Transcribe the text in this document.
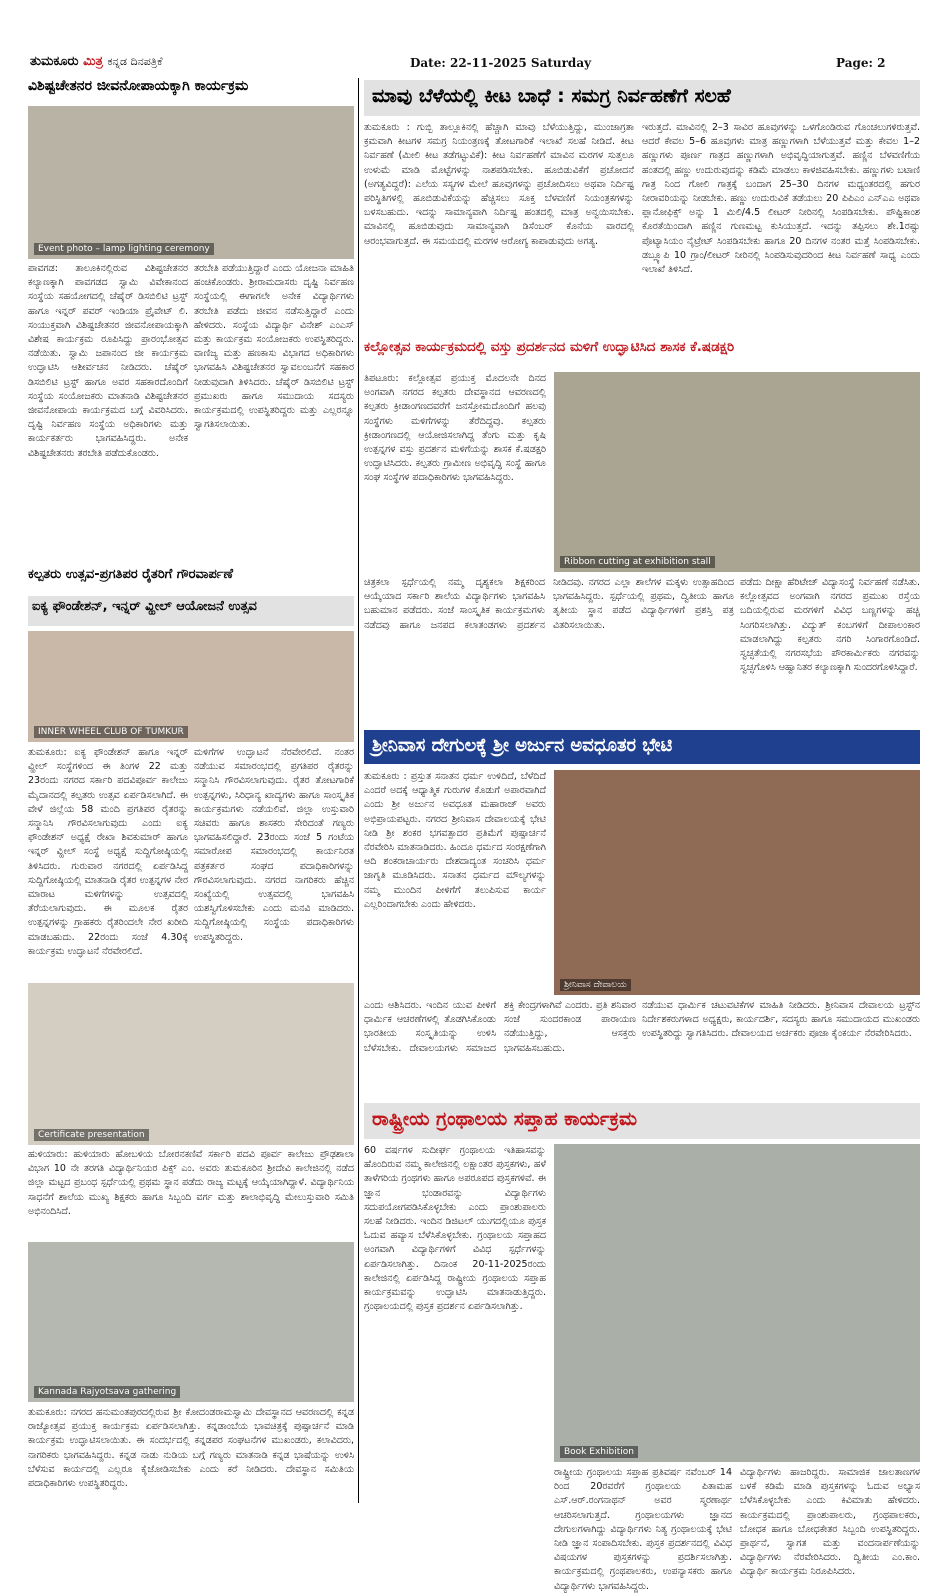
ತುಮಕೂರು ಮಿತ್ರ ಕನ್ನಡ ದಿನಪತ್ರಿಕೆ	Date: 22-11-2025 Saturday	Page: 2
ವಿಶಿಷ್ಟಚೇತನರ ಜೀವನೋಪಾಯಕ್ಕಾಗಿ ಕಾರ್ಯಕ್ರಮ
Event photo – lamp lighting ceremony
ಪಾವಗಡ: ತಾಲೂಕಿನಲ್ಲಿರುವ ವಿಶಿಷ್ಟಚೇತನರ ಕಲ್ಯಾಣಕ್ಕಾಗಿ ಪಾವಗಡದ ಸ್ವಾಮಿ ವಿವೇಕಾನಂದ ಸಂಸ್ಥೆಯ ಸಹಯೋಗದಲ್ಲಿ ಚೆಷೈರ್ ಡಿಸಬಿಲಿಟಿ ಟ್ರಸ್ಟ್ ಹಾಗೂ ಇನ್ನರ್ ಪವರ್ ಇಂಡಿಯಾ ಪ್ರೈವೇಟ್ ಲಿ. ಸಂಯುಕ್ತವಾಗಿ ವಿಶಿಷ್ಟಚೇತನರ ಜೀವನೋಪಾಯಕ್ಕಾಗಿ ವಿಶೇಷ ಕಾರ್ಯಕ್ರಮ ರೂಪಿಸಿದ್ದು ಪ್ರಾರಂಭೋತ್ಸವ ನಡೆಯಿತು. ಸ್ವಾಮಿ ಜಪಾನಂದ ಜೀ ಕಾರ್ಯಕ್ರಮ ಉದ್ಘಾಟಿಸಿ ಆಶೀರ್ವಚನ ನೀಡಿದರು. ಚೆಷೈರ್ ಡಿಸಬಿಲಿಟಿ ಟ್ರಸ್ಟ್ ಹಾಗೂ ಅವರ ಸಹಕಾರದೊಂದಿಗೆ ಸಂಸ್ಥೆಯ ಸಂಯೋಜಕರು ಮಾತನಾಡಿ ವಿಶಿಷ್ಟಚೇತನರ ಜೀವನೋಪಾಯ ಕಾರ್ಯಕ್ರಮದ ಬಗ್ಗೆ ವಿವರಿಸಿದರು. ದೃಷ್ಟಿ ನಿರ್ವಹಣ ಸಂಸ್ಥೆಯ ಅಧಿಕಾರಿಗಳು ಮತ್ತು ಕಾರ್ಯಕರ್ತರು ಭಾಗವಹಿಸಿದ್ದರು. ಅನೇಕ ವಿಶಿಷ್ಟಚೇತನರು ತರಬೇತಿ ಪಡೆದುಕೊಂಡರು.
ತರಬೇತಿ ಪಡೆಯುತ್ತಿದ್ದಾರೆ ಎಂದು ಯೋಜನಾ ಮಾಹಿತಿ ಹಂಚಿಕೊಂಡರು. ಶ್ರೀರಾಮದಾಸರು ದೃಷ್ಟಿ ನಿರ್ವಹಣ ಸಂಸ್ಥೆಯಲ್ಲಿ ಈಗಾಗಲೇ ಅನೇಕ ವಿದ್ಯಾರ್ಥಿಗಳು ತರಬೇತಿ ಪಡೆದು ಜೀವನ ನಡೆಸುತ್ತಿದ್ದಾರೆ ಎಂದು ಹೇಳಿದರು. ಸಂಸ್ಥೆಯ ವಿದ್ಯಾರ್ಥಿ ವಿನೇಶ್ ಎಂಎಸ್ ಮತ್ತು ಕಾರ್ಯಕ್ರಮ ಸಂಯೋಜಕರು ಉಪಸ್ಥಿತರಿದ್ದರು. ವಾಣಿಜ್ಯ ಮತ್ತು ಹಣಕಾಸು ವಿಭಾಗದ ಅಧಿಕಾರಿಗಳು ಭಾಗವಹಿಸಿ ವಿಶಿಷ್ಟಚೇತನರ ಸ್ವಾವಲಂಬನೆಗೆ ಸಹಕಾರ ನೀಡುವುದಾಗಿ ತಿಳಿಸಿದರು. ಚೆಷೈರ್ ಡಿಸಬಿಲಿಟಿ ಟ್ರಸ್ಟ್ ಪ್ರಮುಖರು ಹಾಗೂ ಸಮುದಾಯ ಸದಸ್ಯರು ಕಾರ್ಯಕ್ರಮದಲ್ಲಿ ಉಪಸ್ಥಿತರಿದ್ದರು ಮತ್ತು ಎಲ್ಲರನ್ನೂ ಸ್ವಾಗತಿಸಲಾಯಿತು.
ಕಲ್ಪತರು ಉತ್ಸವ-ಪ್ರಗತಿಪರ ರೈತರಿಗೆ ಗೌರವಾರ್ಪಣೆ
ಐಕ್ಯ ಫೌಂಡೇಶನ್, ಇನ್ನರ್ ವ್ಹೀಲ್ ಆಯೋಜನೆ ಉತ್ಸವ
INNER WHEEL CLUB OF TUMKUR
ತುಮಕೂರು: ಐಕ್ಯ ಫೌಂಡೇಶನ್ ಹಾಗೂ ಇನ್ನರ್ ವ್ಹೀಲ್ ಸಂಸ್ಥೆಗಳಿಂದ ಈ ತಿಂಗಳ 22 ಮತ್ತು 23ರಂದು ನಗರದ ಸರ್ಕಾರಿ ಪದವಿಪೂರ್ವ ಕಾಲೇಜು ಮೈದಾನದಲ್ಲಿ ಕಲ್ಪತರು ಉತ್ಸವ ಏರ್ಪಡಿಸಲಾಗಿದೆ. ಈ ವೇಳೆ ಜಿಲ್ಲೆಯ 58 ಮಂದಿ ಪ್ರಗತಿಪರ ರೈತರನ್ನು ಸನ್ಮಾನಿಸಿ ಗೌರವಿಸಲಾಗುವುದು ಎಂದು ಐಕ್ಯ ಫೌಂಡೇಶನ್ ಅಧ್ಯಕ್ಷೆ ರೇಖಾ ಶಿವಕುಮಾರ್ ಹಾಗೂ ಇನ್ನರ್ ವ್ಹೀಲ್ ಸಂಸ್ಥೆ ಅಧ್ಯಕ್ಷೆ ಸುದ್ದಿಗೋಷ್ಠಿಯಲ್ಲಿ ತಿಳಿಸಿದರು. ಗುರುವಾರ ನಗರದಲ್ಲಿ ಏರ್ಪಡಿಸಿದ್ದ ಸುದ್ದಿಗೋಷ್ಠಿಯಲ್ಲಿ ಮಾತನಾಡಿ ರೈತರ ಉತ್ಪನ್ನಗಳ ನೇರ ಮಾರಾಟ ಮಳಿಗೆಗಳನ್ನು ಉತ್ಸವದಲ್ಲಿ ತೆರೆಯಲಾಗುವುದು. ಈ ಮೂಲಕ ರೈತರ ಉತ್ಪನ್ನಗಳನ್ನು ಗ್ರಾಹಕರು ರೈತರಿಂದಲೇ ನೇರ ಖರೀದಿ ಮಾಡಬಹುದು. 22ರಂದು ಸಂಜೆ 4.30ಕ್ಕೆ ಕಾರ್ಯಕ್ರಮ ಉದ್ಘಾಟನೆ ನೆರವೇರಲಿದೆ.
ಮಳಿಗೆಗಳ ಉದ್ಘಾಟನೆ ನೆರವೇರಲಿದೆ. ನಂತರ ನಡೆಯುವ ಸಮಾರಂಭದಲ್ಲಿ ಪ್ರಗತಿಪರ ರೈತರನ್ನು ಸನ್ಮಾನಿಸಿ ಗೌರವಿಸಲಾಗುವುದು. ರೈತರ ತೋಟಗಾರಿಕೆ ಉತ್ಪನ್ನಗಳು, ಸಿರಿಧಾನ್ಯ ಖಾದ್ಯಗಳು ಹಾಗೂ ಸಾಂಸ್ಕೃತಿಕ ಕಾರ್ಯಕ್ರಮಗಳು ನಡೆಯಲಿವೆ. ಜಿಲ್ಲಾ ಉಸ್ತುವಾರಿ ಸಚಿವರು ಹಾಗೂ ಶಾಸಕರು ಸೇರಿದಂತೆ ಗಣ್ಯರು ಭಾಗವಹಿಸಲಿದ್ದಾರೆ. 23ರಂದು ಸಂಜೆ 5 ಗಂಟೆಯ ಸಮಾರೋಪ ಸಮಾರಂಭದಲ್ಲಿ ಕಾರ್ಯನಿರತ ಪತ್ರಕರ್ತರ ಸಂಘದ ಪದಾಧಿಕಾರಿಗಳನ್ನು ಗೌರವಿಸಲಾಗುವುದು. ನಗರದ ನಾಗರಿಕರು ಹೆಚ್ಚಿನ ಸಂಖ್ಯೆಯಲ್ಲಿ ಉತ್ಸವದಲ್ಲಿ ಭಾಗವಹಿಸಿ ಯಶಸ್ವಿಗೊಳಿಸಬೇಕು ಎಂದು ಮನವಿ ಮಾಡಿದರು. ಸುದ್ದಿಗೋಷ್ಠಿಯಲ್ಲಿ ಸಂಸ್ಥೆಯ ಪದಾಧಿಕಾರಿಗಳು ಉಪಸ್ಥಿತರಿದ್ದರು.
Certificate presentation
ಹುಳಿಯಾರು: ಹುಳಿಯಾರು ಹೋಬಳಿಯ ಬೋರನಕಣಿವೆ ಸರ್ಕಾರಿ ಪದವಿ ಪೂರ್ವ ಕಾಲೇಜು ಪ್ರೌಢಶಾಲಾ ವಿಭಾಗ 10 ನೇ ತರಗತಿ ವಿದ್ಯಾರ್ಥಿನಿಯರ ಪಿಕ್ಸ್ ಎಂ. ಅವರು ತುಮಕೂರಿನ ಶ್ರೀದೇವಿ ಕಾಲೇಜಿನಲ್ಲಿ ನಡೆದ ಜಿಲ್ಲಾ ಮಟ್ಟದ ಪ್ರಬಂಧ ಸ್ಪರ್ಧೆಯಲ್ಲಿ ಪ್ರಥಮ ಸ್ಥಾನ ಪಡೆದು ರಾಜ್ಯ ಮಟ್ಟಕ್ಕೆ ಆಯ್ಕೆಯಾಗಿದ್ದಾಳೆ. ವಿದ್ಯಾರ್ಥಿನಿಯ ಸಾಧನೆಗೆ ಶಾಲೆಯ ಮುಖ್ಯ ಶಿಕ್ಷಕರು ಹಾಗೂ ಸಿಬ್ಬಂದಿ ವರ್ಗ ಮತ್ತು ಶಾಲಾಭಿವೃದ್ಧಿ ಮೇಲುಸ್ತುವಾರಿ ಸಮಿತಿ ಅಭಿನಂದಿಸಿದೆ.
Kannada Rajyotsava gathering
ತುಮಕೂರು: ನಗರದ ಹನುಮಂತಪುರದಲ್ಲಿರುವ ಶ್ರೀ ಕೋದಂಡರಾಮಸ್ವಾಮಿ ದೇವಸ್ಥಾನದ ಆವರಣದಲ್ಲಿ ಕನ್ನಡ ರಾಜ್ಯೋತ್ಸವ ಪ್ರಯುಕ್ತ ಕಾರ್ಯಕ್ರಮ ಏರ್ಪಡಿಸಲಾಗಿತ್ತು. ಕನ್ನಡಾಂಬೆಯ ಭಾವಚಿತ್ರಕ್ಕೆ ಪುಷ್ಪಾರ್ಚನೆ ಮಾಡಿ ಕಾರ್ಯಕ್ರಮ ಉದ್ಘಾಟಿಸಲಾಯಿತು. ಈ ಸಂದರ್ಭದಲ್ಲಿ ಕನ್ನಡಪರ ಸಂಘಟನೆಗಳ ಮುಖಂಡರು, ಕಲಾವಿದರು, ನಾಗರಿಕರು ಭಾಗವಹಿಸಿದ್ದರು. ಕನ್ನಡ ನಾಡು ನುಡಿಯ ಬಗ್ಗೆ ಗಣ್ಯರು ಮಾತನಾಡಿ ಕನ್ನಡ ಭಾಷೆಯನ್ನು ಉಳಿಸಿ ಬೆಳೆಸುವ ಕಾರ್ಯದಲ್ಲಿ ಎಲ್ಲರೂ ಕೈಜೋಡಿಸಬೇಕು ಎಂದು ಕರೆ ನೀಡಿದರು. ದೇವಸ್ಥಾನ ಸಮಿತಿಯ ಪದಾಧಿಕಾರಿಗಳು ಉಪಸ್ಥಿತರಿದ್ದರು.
ಮಾವು ಬೆಳೆಯಲ್ಲಿ ಕೀಟ ಬಾಧೆ : ಸಮಗ್ರ ನಿರ್ವಹಣೆಗೆ ಸಲಹೆ
ತುಮಕೂರು : ಗುಬ್ಬಿ ತಾಲ್ಲೂಕಿನಲ್ಲಿ ಹೆಚ್ಚಾಗಿ ಮಾವು ಬೆಳೆಯುತ್ತಿದ್ದು, ಮುಂಜಾಗ್ರತಾ ಕ್ರಮವಾಗಿ ಕೀಟಗಳ ಸಮಗ್ರ ನಿಯಂತ್ರಣಕ್ಕೆ ತೋಟಗಾರಿಕೆ ಇಲಾಖೆ ಸಲಹೆ ನೀಡಿದೆ. ಕೀಟ ನಿರ್ವಹಣೆ (ಮೀಲಿ ಕೀಟ ತಡೆಗಟ್ಟುವಿಕೆ): ಕೀಟ ನಿರ್ವಹಣೆಗೆ ಮಾವಿನ ಮರಗಳ ಸುತ್ತಲೂ ಉಳುಮೆ ಮಾಡಿ ಮೊಟ್ಟೆಗಳನ್ನು ನಾಶಪಡಿಸಬೇಕು. ಹೂಬಿಡುವಿಕೆಗೆ ಪ್ರಚೋದನೆ (ಅಗತ್ಯವಿದ್ದರೆ): ಎಲೆಯ ಸಸ್ಯಗಳ ಮೇಲೆ ಹೂವುಗಳನ್ನು ಪ್ರಚೋದಿಸಲು ಅಥವಾ ನಿರ್ದಿಷ್ಟ ಪರಿಸ್ಥಿತಿಗಳಲ್ಲಿ ಹೂಬಿಡುವಿಕೆಯನ್ನು ಹೆಚ್ಚಿಸಲು ಸೂಕ್ತ ಬೆಳವಣಿಗೆ ನಿಯಂತ್ರಕಗಳನ್ನು ಬಳಸಬಹುದು. ಇದನ್ನು ಸಾಮಾನ್ಯವಾಗಿ ನಿರ್ದಿಷ್ಟ ಹಂತದಲ್ಲಿ ಮಾತ್ರ ಅನ್ವಯಿಸಬೇಕು. ಮಾವಿನಲ್ಲಿ ಹೂಬಿಡುವುದು ಸಾಮಾನ್ಯವಾಗಿ ಡಿಸೆಂಬರ್ ಕೊನೆಯ ವಾರದಲ್ಲಿ ಆರಂಭವಾಗುತ್ತದೆ. ಈ ಸಮಯದಲ್ಲಿ ಮರಗಳ ಆರೋಗ್ಯ ಕಾಪಾಡುವುದು ಅಗತ್ಯ.
ಇರುತ್ತದೆ. ಮಾವಿನಲ್ಲಿ 2–3 ಸಾವಿರ ಹೂವುಗಳನ್ನು ಒಳಗೊಂಡಿರುವ ಗೊಂಚಲುಗಳಿರುತ್ತವೆ. ಆದರೆ ಕೇವಲ 5–6 ಹೂವುಗಳು ಮಾತ್ರ ಹಣ್ಣುಗಳಾಗಿ ಬೆಳೆಯುತ್ತವೆ ಮತ್ತು ಕೇವಲ 1–2 ಹಣ್ಣುಗಳು ಪೂರ್ಣ ಗಾತ್ರದ ಹಣ್ಣುಗಳಾಗಿ ಅಭಿವೃದ್ಧಿಯಾಗುತ್ತವೆ. ಹಣ್ಣಿನ ಬೆಳವಣಿಗೆಯ ಹಂತದಲ್ಲಿ ಹಣ್ಣು ಉದುರುವುದನ್ನು ಕಡಿಮೆ ಮಾಡಲು ಕಾಳಜಿವಹಿಸಬೇಕು. ಹಣ್ಣುಗಳು ಬಟಾಣಿ ಗಾತ್ರ ನಿಂದ ಗೋಲಿ ಗಾತ್ರಕ್ಕೆ ಬಂದಾಗ 25–30 ದಿನಗಳ ಮಧ್ಯಂತರದಲ್ಲಿ ಹಗುರ ನೀರಾವರಿಯನ್ನು ನೀಡಬೇಕು. ಹಣ್ಣು ಉದುರುವಿಕೆ ತಡೆಯಲು 20 ಪಿಪಿಎಂ ಎನ್‌ಎಎ ಅಥವಾ ಪ್ಲಾನೋಫಿಕ್ಸ್ ಅನ್ನು 1 ಮಿಲಿ/4.5 ಲೀಟರ್ ನೀರಿನಲ್ಲಿ ಸಿಂಪಡಿಸಬೇಕು. ಪೌಷ್ಟಿಕಾಂಶ ಕೊರತೆಯಿಂದಾಗಿ ಹಣ್ಣಿನ ಗುಣಮಟ್ಟ ಕುಸಿಯುತ್ತದೆ. ಇದನ್ನು ತಪ್ಪಿಸಲು ಶೇ.1ರಷ್ಟು ಪೊಟ್ಯಾಸಿಯಂ ನೈಟ್ರೇಟ್ ಸಿಂಪಡಿಸಬೇಕು ಹಾಗೂ 20 ದಿನಗಳ ನಂತರ ಮತ್ತೆ ಸಿಂಪಡಿಸಬೇಕು. ಡಬ್ಲ್ಯೂಪಿ 10 ಗ್ರಾಂ/ಲೀಟರ್ ನೀರಿನಲ್ಲಿ ಸಿಂಪಡಿಸುವುದರಿಂದ ಕೀಟ ನಿರ್ವಹಣೆ ಸಾಧ್ಯ ಎಂದು ಇಲಾಖೆ ತಿಳಿಸಿದೆ.
ಕಲ್ಲೋತ್ಸವ ಕಾರ್ಯಕ್ರಮದಲ್ಲಿ ವಸ್ತು ಪ್ರದರ್ಶನದ ಮಳಿಗೆ ಉದ್ಘಾಟಿಸಿದ ಶಾಸಕ ಕೆ.ಷಡಕ್ಷರಿ
ತಿಪಟೂರು: ಕಲ್ಲೋತ್ಸವ ಪ್ರಯುಕ್ತ ಮೊದಲನೇ ದಿನದ ಅಂಗವಾಗಿ ನಗರದ ಕಲ್ಪತರು ದೇವಸ್ಥಾನದ ಆವರಣದಲ್ಲಿ ಕಲ್ಪತರು ಕ್ರೀಡಾಂಗಣದವರೆಗೆ ಜನಸ್ತೋಮದೊಂದಿಗೆ ಹಲವು ಸಂಸ್ಥೆಗಳು ಮಳಿಗೆಗಳನ್ನು ತೆರೆದಿದ್ದವು. ಕಲ್ಪತರು ಕ್ರೀಡಾಂಗಣದಲ್ಲಿ ಆಯೋಜಿಸಲಾಗಿದ್ದ ತೆಂಗು ಮತ್ತು ಕೃಷಿ ಉತ್ಪನ್ನಗಳ ವಸ್ತು ಪ್ರದರ್ಶನ ಮಳಿಗೆಯನ್ನು ಶಾಸಕ ಕೆ.ಷಡಕ್ಷರಿ ಉದ್ಘಾಟಿಸಿದರು. ಕಲ್ಪತರು ಗ್ರಾಮೀಣ ಅಭಿವೃದ್ಧಿ ಸಂಸ್ಥೆ ಹಾಗೂ ಸಂಘ ಸಂಸ್ಥೆಗಳ ಪದಾಧಿಕಾರಿಗಳು ಭಾಗವಹಿಸಿದ್ದರು.
Ribbon cutting at exhibition stall
ಚಿತ್ರಕಲಾ ಸ್ಪರ್ಧೆಯಲ್ಲಿ ನಮ್ಮ ದೃಶ್ಯಕಲಾ ಶಿಕ್ಷಕರಿಂದ ಆಯ್ಕೆಯಾದ ಸರ್ಕಾರಿ ಶಾಲೆಯ ವಿದ್ಯಾರ್ಥಿಗಳು ಭಾಗವಹಿಸಿ ಬಹುಮಾನ ಪಡೆದರು. ಸಂಜೆ ಸಾಂಸ್ಕೃತಿಕ ಕಾರ್ಯಕ್ರಮಗಳು ನಡೆದವು ಹಾಗೂ ಜನಪದ ಕಲಾತಂಡಗಳು ಪ್ರದರ್ಶನ ನೀಡಿದವು. ನಗರದ ಎಲ್ಲಾ ಶಾಲೆಗಳ ಮಕ್ಕಳು ಉತ್ಸಾಹದಿಂದ ಭಾಗವಹಿಸಿದ್ದರು. ಸ್ಪರ್ಧೆಯಲ್ಲಿ ಪ್ರಥಮ, ದ್ವಿತೀಯ ಹಾಗೂ ತೃತೀಯ ಸ್ಥಾನ ಪಡೆದ ವಿದ್ಯಾರ್ಥಿಗಳಿಗೆ ಪ್ರಶಸ್ತಿ ಪತ್ರ ವಿತರಿಸಲಾಯಿತು.
ಪಡೆದು ದೀಕ್ಷಾ ಹೆರಿಟೇಜ್ ವಿದ್ಯಾಸಂಸ್ಥೆ ನಿರ್ವಹಣೆ ನಡೆಸಿತು. ಕಲ್ಲೋತ್ಸವದ ಅಂಗವಾಗಿ ನಗರದ ಪ್ರಮುಖ ರಸ್ತೆಯ ಬದಿಯಲ್ಲಿರುವ ಮರಗಳಿಗೆ ವಿವಿಧ ಬಣ್ಣಗಳನ್ನು ಹಚ್ಚಿ ಸಿಂಗರಿಸಲಾಗಿತ್ತು. ವಿದ್ಯುತ್ ಕಂಬಗಳಿಗೆ ದೀಪಾಲಂಕಾರ ಮಾಡಲಾಗಿದ್ದು ಕಲ್ಪತರು ನಗರಿ ಸಿಂಗಾರಗೊಂಡಿದೆ. ಸ್ವಚ್ಛತೆಯಲ್ಲಿ ನಗರಸಭೆಯ ಪೌರಕಾರ್ಮಿಕರು ನಗರವನ್ನು ಸ್ವಚ್ಛಗೊಳಿಸಿ ಆಹ್ವಾನಿತರ ಕಲ್ಯಾಣಕ್ಕಾಗಿ ಸುಂದರಗೊಳಿಸಿದ್ದಾರೆ.
ಶ್ರೀನಿವಾಸ ದೇಗುಲಕ್ಕೆ ಶ್ರೀ ಅರ್ಜುನ ಅವಧೂತರ ಭೇಟಿ
ತುಮಕೂರು : ಪ್ರಸ್ತುತ ಸನಾತನ ಧರ್ಮ ಉಳಿದಿದೆ, ಬೆಳೆದಿದೆ ಎಂದರೆ ಅದಕ್ಕೆ ಆಧ್ಯಾತ್ಮಿಕ ಗುರುಗಳ ಕೊಡುಗೆ ಅಪಾರವಾಗಿದೆ ಎಂದು ಶ್ರೀ ಅರ್ಜುನ ಅವಧೂತ ಮಹಾರಾಜ್ ಅವರು ಅಭಿಪ್ರಾಯಪಟ್ಟರು. ನಗರದ ಶ್ರೀನಿವಾಸ ದೇವಾಲಯಕ್ಕೆ ಭೇಟಿ ನೀಡಿ ಶ್ರೀ ಶಂಕರ ಭಗವತ್ಪಾದರ ಪ್ರತಿಮೆಗೆ ಪುಷ್ಪಾರ್ಚನೆ ನೆರವೇರಿಸಿ ಮಾತನಾಡಿದರು. ಹಿಂದೂ ಧರ್ಮದ ಸಂರಕ್ಷಣೆಗಾಗಿ ಆದಿ ಶಂಕರಾಚಾರ್ಯರು ದೇಶದಾದ್ಯಂತ ಸಂಚರಿಸಿ ಧರ್ಮ ಜಾಗೃತಿ ಮೂಡಿಸಿದರು. ಸನಾತನ ಧರ್ಮದ ಮೌಲ್ಯಗಳನ್ನು ನಮ್ಮ ಮುಂದಿನ ಪೀಳಿಗೆಗೆ ತಲುಪಿಸುವ ಕಾರ್ಯ ಎಲ್ಲರಿಂದಾಗಬೇಕು ಎಂದು ಹೇಳಿದರು.
ಶ್ರೀನಿವಾಸ ದೇವಾಲಯ
ಎಂದು ಆಶಿಸಿದರು. ಇಂದಿನ ಯುವ ಪೀಳಿಗೆ ಧಾರ್ಮಿಕ ಆಚರಣೆಗಳಲ್ಲಿ ತೊಡಗಿಸಿಕೊಂಡು ಭಾರತೀಯ ಸಂಸ್ಕೃತಿಯನ್ನು ಉಳಿಸಿ ಬೆಳೆಸಬೇಕು. ದೇವಾಲಯಗಳು ಸಮಾಜದ ಶಕ್ತಿ ಕೇಂದ್ರಗಳಾಗಿವೆ ಎಂದರು. ಪ್ರತಿ ಶನಿವಾರ ಸಂಜೆ ಸುಂದರಕಾಂಡ ಪಾರಾಯಣ ನಡೆಯುತ್ತಿದ್ದು, ಆಸಕ್ತರು ಭಾಗವಹಿಸಬಹುದು.
ನಡೆಯುವ ಧಾರ್ಮಿಕ ಚಟುವಟಿಕೆಗಳ ಮಾಹಿತಿ ನೀಡಿದರು. ಶ್ರೀನಿವಾಸ ದೇವಾಲಯ ಟ್ರಸ್ಟ್‌ನ ನಿರ್ದೇಶಕರುಗಳಾದ ಅಧ್ಯಕ್ಷರು, ಕಾರ್ಯದರ್ಶಿ, ಸದಸ್ಯರು ಹಾಗೂ ಸಮುದಾಯದ ಮುಖಂಡರು ಉಪಸ್ಥಿತರಿದ್ದು ಸ್ವಾಗತಿಸಿದರು. ದೇವಾಲಯದ ಅರ್ಚಕರು ಪೂಜಾ ಕೈಂಕರ್ಯ ನೆರವೇರಿಸಿದರು.
ರಾಷ್ಟ್ರೀಯ ಗ್ರಂಥಾಲಯ ಸಪ್ತಾಹ ಕಾರ್ಯಕ್ರಮ
60 ವರ್ಷಗಳ ಸುದೀರ್ಘ ಗ್ರಂಥಾಲಯ ಇತಿಹಾಸವನ್ನು ಹೊಂದಿರುವ ನಮ್ಮ ಕಾಲೇಜಿನಲ್ಲಿ ಲಕ್ಷಾಂತರ ಪುಸ್ತಕಗಳು, ಹಳೆ ತಾಳೆಗರಿಯ ಗ್ರಂಥಗಳು ಹಾಗೂ ಅಪರೂಪದ ಪುಸ್ತಕಗಳಿವೆ. ಈ ಜ್ಞಾನ ಭಂಡಾರವನ್ನು ವಿದ್ಯಾರ್ಥಿಗಳು ಸದುಪಯೋಗಪಡಿಸಿಕೊಳ್ಳಬೇಕು ಎಂದು ಪ್ರಾಂಶುಪಾಲರು ಸಲಹೆ ನೀಡಿದರು. ಇಂದಿನ ಡಿಜಿಟಲ್ ಯುಗದಲ್ಲಿಯೂ ಪುಸ್ತಕ ಓದುವ ಹವ್ಯಾಸ ಬೆಳೆಸಿಕೊಳ್ಳಬೇಕು. ಗ್ರಂಥಾಲಯ ಸಪ್ತಾಹದ ಅಂಗವಾಗಿ ವಿದ್ಯಾರ್ಥಿಗಳಿಗೆ ವಿವಿಧ ಸ್ಪರ್ಧೆಗಳನ್ನು ಏರ್ಪಡಿಸಲಾಗಿತ್ತು. ದಿನಾಂಕ 20-11-2025ರಂದು ಕಾಲೇಜಿನಲ್ಲಿ ಏರ್ಪಡಿಸಿದ್ದ ರಾಷ್ಟ್ರೀಯ ಗ್ರಂಥಾಲಯ ಸಪ್ತಾಹ ಕಾರ್ಯಕ್ರಮವನ್ನು ಉದ್ಘಾಟಿಸಿ ಮಾತನಾಡುತ್ತಿದ್ದರು. ಗ್ರಂಥಾಲಯದಲ್ಲಿ ಪುಸ್ತಕ ಪ್ರದರ್ಶನ ಏರ್ಪಡಿಸಲಾಗಿತ್ತು.
Book Exhibition
ರಾಷ್ಟ್ರೀಯ ಗ್ರಂಥಾಲಯ ಸಪ್ತಾಹ ಪ್ರತಿವರ್ಷ ನವೆಂಬರ್ 14 ರಿಂದ 20ರವರೆಗೆ ಗ್ರಂಥಾಲಯ ಪಿತಾಮಹ ಎಸ್.ಆರ್.ರಂಗನಾಥನ್ ಅವರ ಸ್ಮರಣಾರ್ಥ ಆಚರಿಸಲಾಗುತ್ತದೆ. ಗ್ರಂಥಾಲಯಗಳು ಜ್ಞಾನದ ದೇಗುಲಗಳಾಗಿದ್ದು ವಿದ್ಯಾರ್ಥಿಗಳು ನಿತ್ಯ ಗ್ರಂಥಾಲಯಕ್ಕೆ ಭೇಟಿ ನೀಡಿ ಜ್ಞಾನ ಸಂಪಾದಿಸಬೇಕು. ಪುಸ್ತಕ ಪ್ರದರ್ಶನದಲ್ಲಿ ವಿವಿಧ ವಿಷಯಗಳ ಪುಸ್ತಕಗಳನ್ನು ಪ್ರದರ್ಶಿಸಲಾಗಿತ್ತು. ಕಾರ್ಯಕ್ರಮದಲ್ಲಿ ಗ್ರಂಥಪಾಲಕರು, ಉಪನ್ಯಾಸಕರು ಹಾಗೂ ವಿದ್ಯಾರ್ಥಿಗಳು ಭಾಗವಹಿಸಿದ್ದರು.
ವಿದ್ಯಾರ್ಥಿಗಳು ಹಾಜರಿದ್ದರು. ಸಾಮಾಜಿಕ ಜಾಲತಾಣಗಳ ಬಳಕೆ ಕಡಿಮೆ ಮಾಡಿ ಪುಸ್ತಕಗಳನ್ನು ಓದುವ ಅಭ್ಯಾಸ ಬೆಳೆಸಿಕೊಳ್ಳಬೇಕು ಎಂದು ಕಿವಿಮಾತು ಹೇಳಿದರು. ಕಾರ್ಯಕ್ರಮದಲ್ಲಿ ಪ್ರಾಂಶುಪಾಲರು, ಗ್ರಂಥಪಾಲಕರು, ಬೋಧಕ ಹಾಗೂ ಬೋಧಕೇತರ ಸಿಬ್ಬಂದಿ ಉಪಸ್ಥಿತರಿದ್ದರು. ಪ್ರಾರ್ಥನೆ, ಸ್ವಾಗತ ಮತ್ತು ವಂದನಾರ್ಪಣೆಯನ್ನು ವಿದ್ಯಾರ್ಥಿಗಳು ನೆರವೇರಿಸಿದರು. ದ್ವಿತೀಯ ಎಂ.ಕಾಂ. ವಿದ್ಯಾರ್ಥಿ ಕಾರ್ಯಕ್ರಮ ನಿರೂಪಿಸಿದರು.
